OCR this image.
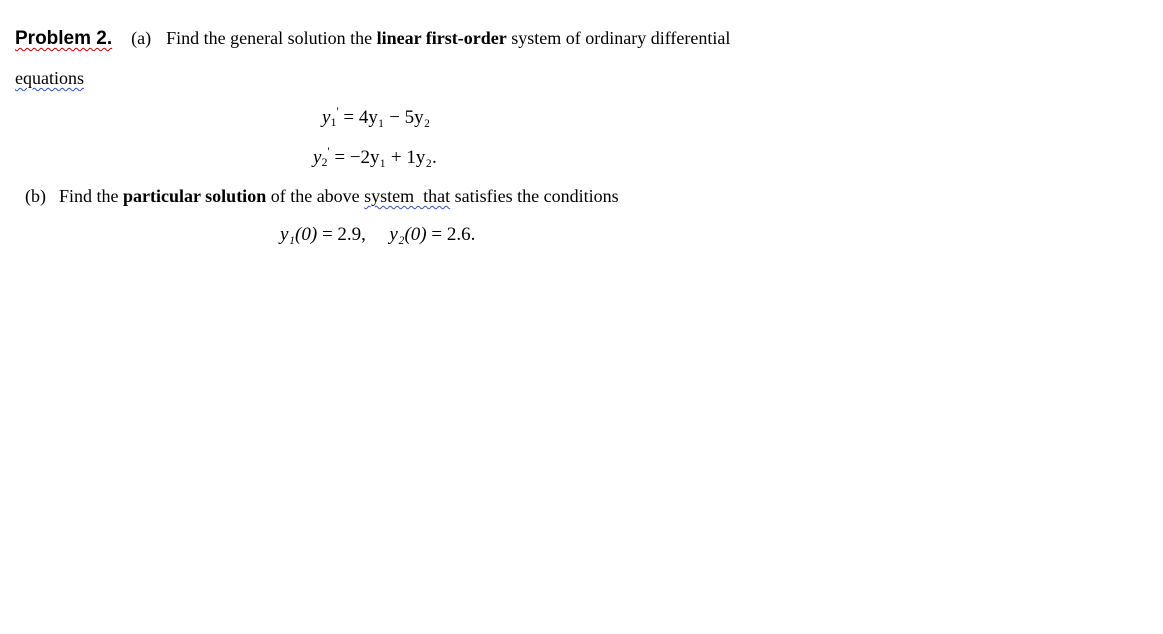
Problem 2. (a) Find the general solution the linear first-order system of ordinary differential
equations
$y_1' = 4y_1 - 5y_2$
$y_2' = -2y_1 + 1y_2$.
(b) Find the particular solution of the above system  that satisfies the conditions
y₁(0) = 2.9, y₂(0) = 2.6.
